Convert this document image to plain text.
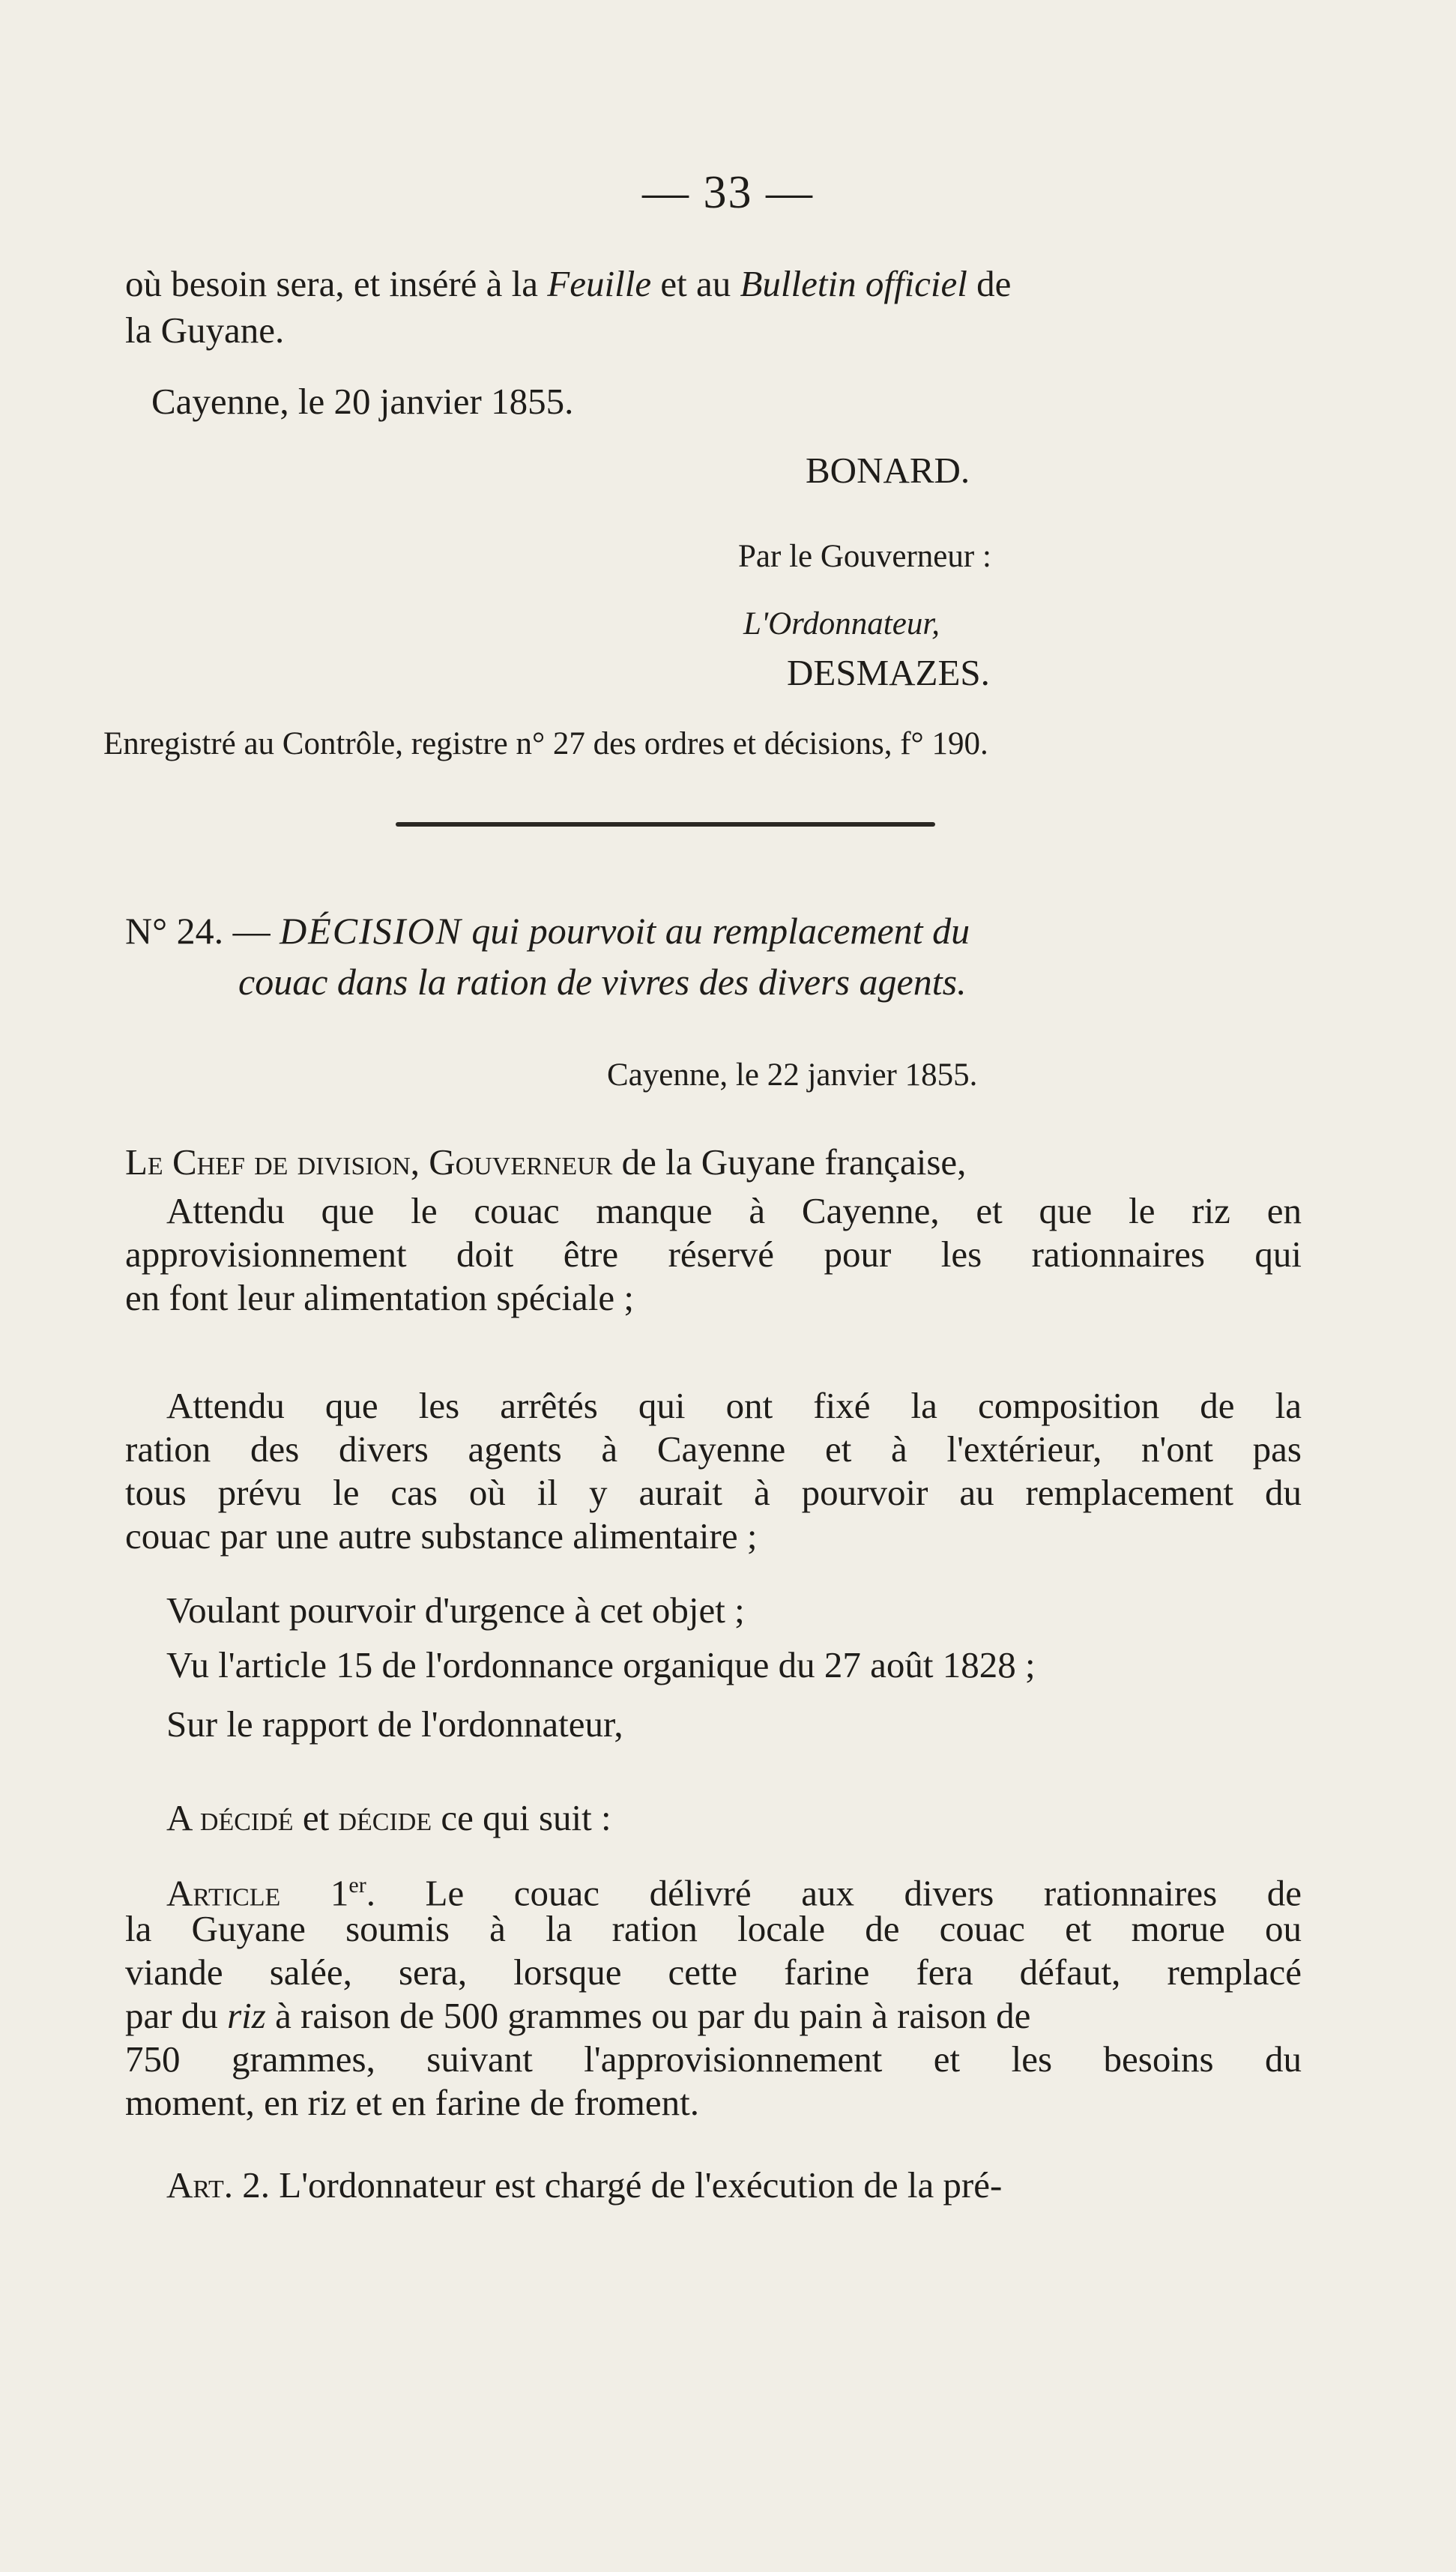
— 33 —
où besoin sera, et inséré à la Feuille et au Bulletin officiel de
la Guyane.
Cayenne, le 20 janvier 1855.
BONARD.
Par le Gouverneur :
L'Ordonnateur,
DESMAZES.
Enregistré au Contrôle, registre n° 27 des ordres et décisions, f° 190.
N° 24. — DÉCISION qui pourvoit au remplacement du
couac dans la ration de vivres des divers agents.
Cayenne, le 22 janvier 1855.
Le Chef de division, Gouverneur de la Guyane française,
Attendu que le couac manque à Cayenne, et que le riz en
approvisionnement doit être réservé pour les rationnaires qui
en font leur alimentation spéciale ;
Attendu que les arrêtés qui ont fixé la composition de la
ration des divers agents à Cayenne et à l'extérieur, n'ont pas
tous prévu le cas où il y aurait à pourvoir au remplacement du
couac par une autre substance alimentaire ;
Voulant pourvoir d'urgence à cet objet ;
Vu l'article 15 de l'ordonnance organique du 27 août 1828 ;
Sur le rapport de l'ordonnateur,
A décidé et décide ce qui suit :
Article 1er. Le couac délivré aux divers rationnaires de
la Guyane soumis à la ration locale de couac et morue ou
viande salée, sera, lorsque cette farine fera défaut, remplacé
par du riz à raison de 500 grammes ou par du pain à raison de
750 grammes, suivant l'approvisionnement et les besoins du
moment, en riz et en farine de froment.
Art. 2. L'ordonnateur est chargé de l'exécution de la pré-
